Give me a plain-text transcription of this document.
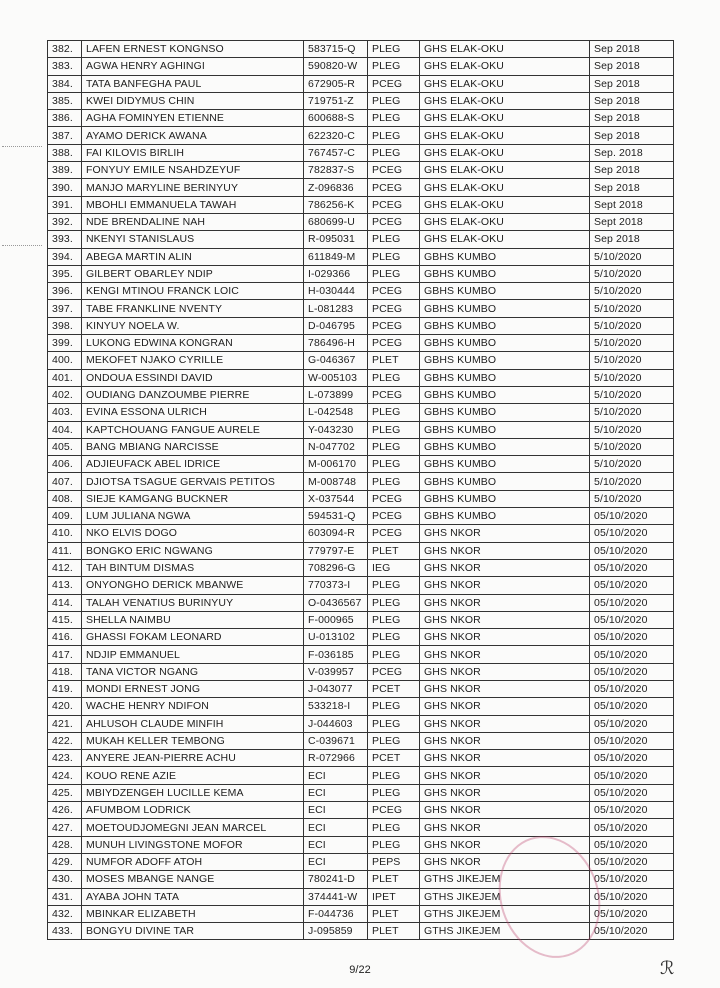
382.	LAFEN ERNEST KONGNSO	583715-Q	PLEG	GHS ELAK-OKU	Sep 2018
383.	AGWA HENRY AGHINGI	590820-W	PLEG	GHS ELAK-OKU	Sep 2018
384.	TATA BANFEGHA PAUL	672905-R	PCEG	GHS ELAK-OKU	Sep 2018
385.	KWEI DIDYMUS CHIN	719751-Z	PLEG	GHS ELAK-OKU	Sep 2018
386.	AGHA FOMINYEN ETIENNE	600688-S	PLEG	GHS ELAK-OKU	Sep 2018
387.	AYAMO DERICK AWANA	622320-C	PLEG	GHS ELAK-OKU	Sep 2018
388.	FAI KILOVIS BIRLIH	767457-C	PLEG	GHS ELAK-OKU	Sep. 2018
389.	FONYUY EMILE NSAHDZEYUF	782837-S	PCEG	GHS ELAK-OKU	Sep 2018
390.	MANJO MARYLINE BERINYUY	Z-096836	PCEG	GHS ELAK-OKU	Sep 2018
391.	MBOHLI EMMANUELA TAWAH	786256-K	PCEG	GHS ELAK-OKU	Sept 2018
392.	NDE BRENDALINE NAH	680699-U	PCEG	GHS ELAK-OKU	Sept 2018
393.	NKENYI STANISLAUS	R-095031	PLEG	GHS ELAK-OKU	Sep 2018
394.	ABEGA MARTIN ALIN	611849-M	PLEG	GBHS KUMBO	5/10/2020
395.	GILBERT OBARLEY NDIP	I-029366	PLEG	GBHS KUMBO	5/10/2020
396.	KENGI MTINOU FRANCK LOIC	H-030444	PCEG	GBHS KUMBO	5/10/2020
397.	TABE FRANKLINE NVENTY	L-081283	PCEG	GBHS KUMBO	5/10/2020
398.	KINYUY NOELA W.	D-046795	PCEG	GBHS KUMBO	5/10/2020
399.	LUKONG EDWINA KONGRAN	786496-H	PCEG	GBHS KUMBO	5/10/2020
400.	MEKOFET NJAKO CYRILLE	G-046367	PLET	GBHS KUMBO	5/10/2020
401.	ONDOUA ESSINDI DAVID	W-005103	PLEG	GBHS KUMBO	5/10/2020
402.	OUDIANG DANZOUMBE PIERRE	L-073899	PCEG	GBHS KUMBO	5/10/2020
403.	EVINA ESSONA ULRICH	L-042548	PLEG	GBHS KUMBO	5/10/2020
404.	KAPTCHOUANG FANGUE AURELE	Y-043230	PLEG	GBHS KUMBO	5/10/2020
405.	BANG MBIANG NARCISSE	N-047702	PLEG	GBHS KUMBO	5/10/2020
406.	ADJIEUFACK ABEL IDRICE	M-006170	PLEG	GBHS KUMBO	5/10/2020
407.	DJIOTSA TSAGUE GERVAIS PETITOS	M-008748	PLEG	GBHS KUMBO	5/10/2020
408.	SIEJE KAMGANG BUCKNER	X-037544	PCEG	GBHS KUMBO	5/10/2020
409.	LUM JULIANA NGWA	594531-Q	PCEG	GBHS KUMBO	05/10/2020
410.	NKO ELVIS DOGO	603094-R	PCEG	GHS NKOR	05/10/2020
411.	BONGKO ERIC NGWANG	779797-E	PLET	GHS NKOR	05/10/2020
412.	TAH BINTUM DISMAS	708296-G	IEG	GHS NKOR	05/10/2020
413.	ONYONGHO DERICK MBANWE	770373-I	PLEG	GHS NKOR	05/10/2020
414.	TALAH VENATIUS BURINYUY	O-0436567	PLEG	GHS NKOR	05/10/2020
415.	SHELLA NAIMBU	F-000965	PLEG	GHS NKOR	05/10/2020
416.	GHASSI FOKAM LEONARD	U-013102	PLEG	GHS NKOR	05/10/2020
417.	NDJIP EMMANUEL	F-036185	PLEG	GHS NKOR	05/10/2020
418.	TANA VICTOR NGANG	V-039957	PCEG	GHS NKOR	05/10/2020
419.	MONDI ERNEST JONG	J-043077	PCET	GHS NKOR	05/10/2020
420.	WACHE HENRY NDIFON	533218-I	PLEG	GHS NKOR	05/10/2020
421.	AHLUSOH CLAUDE MINFIH	J-044603	PLEG	GHS NKOR	05/10/2020
422.	MUKAH KELLER TEMBONG	C-039671	PLEG	GHS NKOR	05/10/2020
423.	ANYERE JEAN-PIERRE ACHU	R-072966	PCET	GHS NKOR	05/10/2020
424.	KOUO RENE AZIE	ECI	PLEG	GHS NKOR	05/10/2020
425.	MBIYDZENGEH LUCILLE KEMA	ECI	PLEG	GHS NKOR	05/10/2020
426.	AFUMBOM LODRICK	ECI	PCEG	GHS NKOR	05/10/2020
427.	MOETOUDJOMEGNI JEAN MARCEL	ECI	PLEG	GHS NKOR	05/10/2020
428.	MUNUH LIVINGSTONE MOFOR	ECI	PLEG	GHS NKOR	05/10/2020
429.	NUMFOR ADOFF ATOH	ECI	PEPS	GHS NKOR	05/10/2020
430.	MOSES MBANGE NANGE	780241-D	PLET	GTHS JIKEJEM	05/10/2020
431.	AYABA JOHN TATA	374441-W	IPET	GTHS JIKEJEM	05/10/2020
432.	MBINKAR ELIZABETH	F-044736	PLET	GTHS JIKEJEM	05/10/2020
433.	BONGYU DIVINE TAR	J-095859	PLET	GTHS JIKEJEM	05/10/2020
9/22	ℛ
